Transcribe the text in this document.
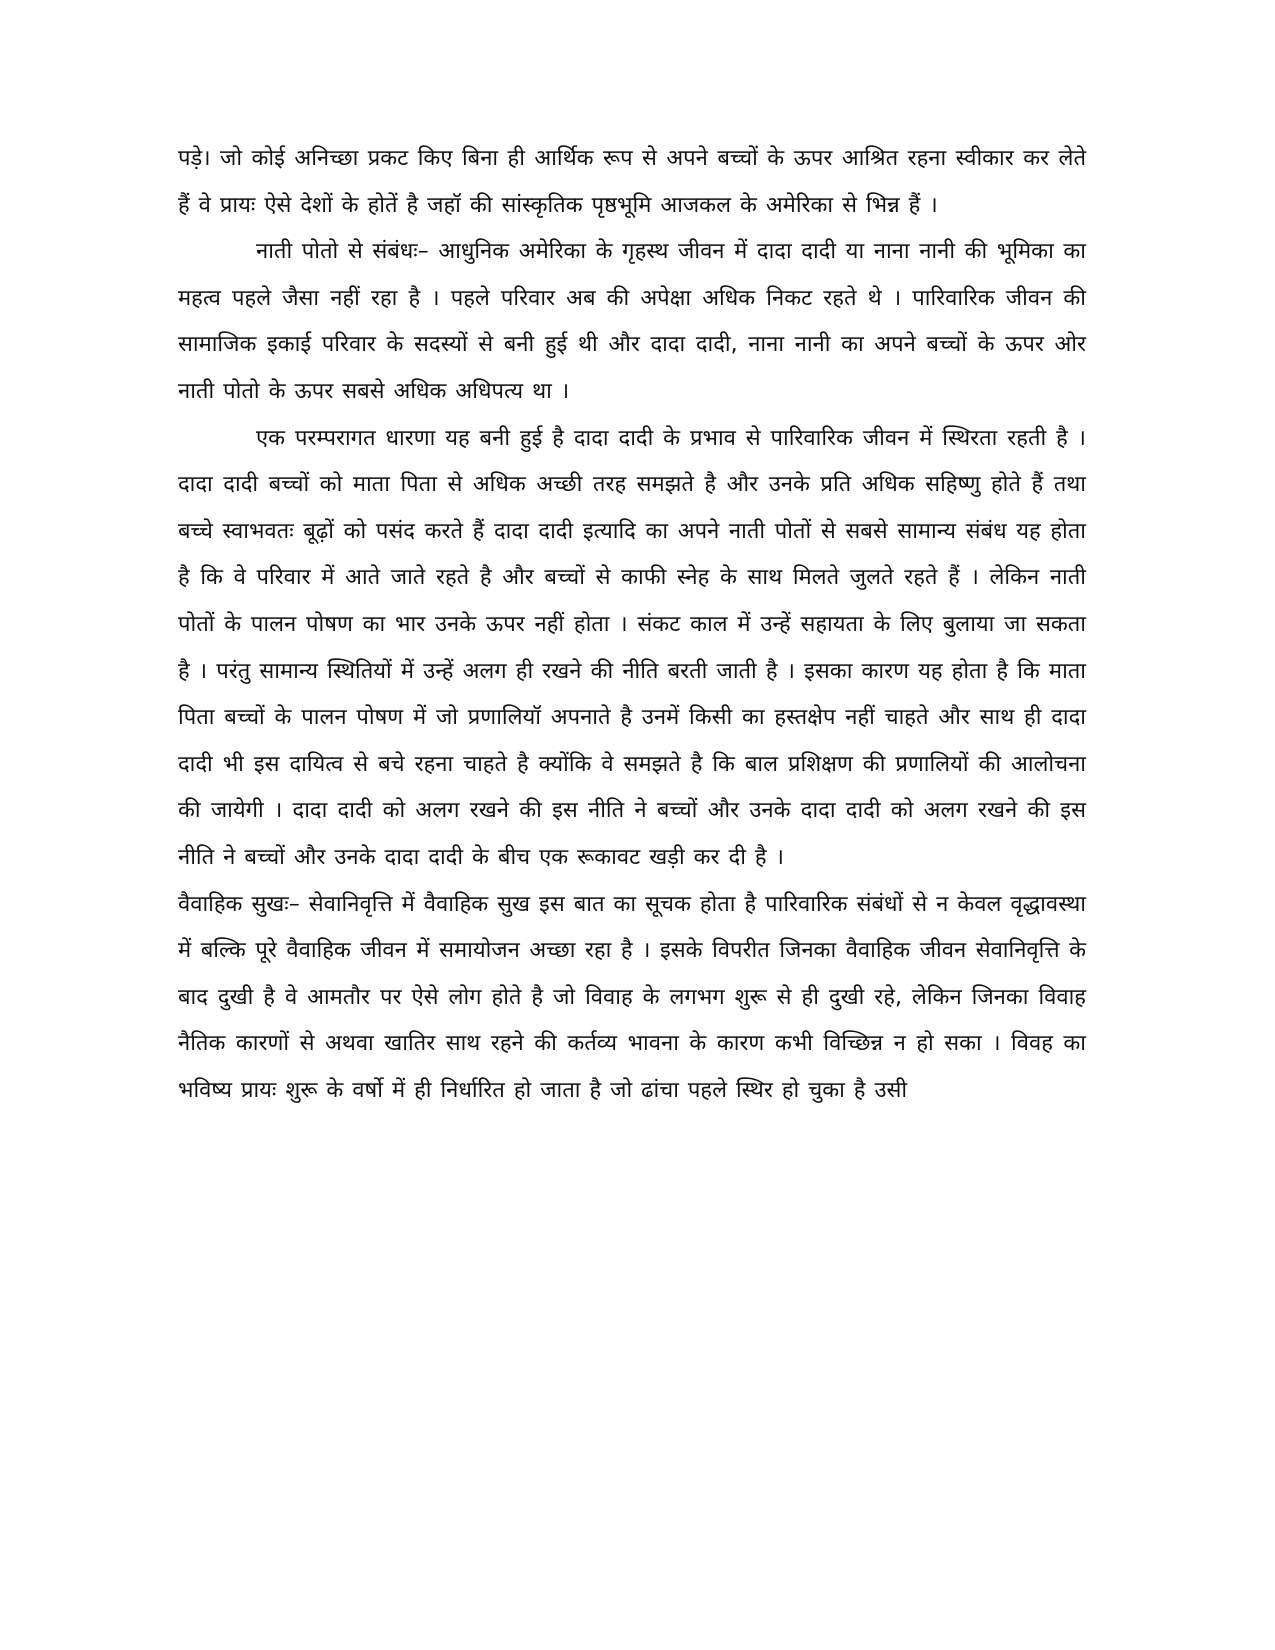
पड़े। जो कोई अनिच्छा प्रकट किए बिना ही आर्थिक रूप से अपने बच्चों के ऊपर आश्रित रहना स्वीकार कर लेते हैं वे प्रायः ऐसे देशों के होतें है जहॉ की सांस्कृतिक पृष्ठभूमि आजकल के अमेरिका से भिन्न हैं ।

नाती पोतो से संबंधः– आधुनिक अमेरिका के गृहस्थ जीवन में दादा दादी या नाना नानी की भूमिका का महत्व पहले जैसा नहीं रहा है । पहले परिवार अब की अपेक्षा अधिक निकट रहते थे । पारिवारिक जीवन की सामाजिक इकाई परिवार के सदस्यों से बनी हुई थी और दादा दादी, नाना नानी का अपने बच्चों के ऊपर ओर नाती पोतो के ऊपर सबसे अधिक अधिपत्य था ।

एक परम्परागत धारणा यह बनी हुई है दादा दादी के प्रभाव से पारिवारिक जीवन में स्थिरता रहती है । दादा दादी बच्चों को माता पिता से अधिक अच्छी तरह समझते है और उनके प्रति अधिक सहिष्णु होते हैं तथा बच्चे स्वाभवतः बूढ़ों को पसंद करते हैं दादा दादी इत्यादि का अपने नाती पोतों से सबसे सामान्य संबंध यह होता है कि वे परिवार में आते जाते रहते है और बच्चों से काफी स्नेह के साथ मिलते जुलते रहते हैं । लेकिन नाती पोतों के पालन पोषण का भार उनके ऊपर नहीं होता । संकट काल में उन्हें सहायता के लिए बुलाया जा सकता है । परंतु सामान्य स्थितियों में उन्हें अलग ही रखने की नीति बरती जाती है । इसका कारण यह होता है कि माता पिता बच्चों के पालन पोषण में जो प्रणालियॉ अपनाते है उनमें किसी का हस्तक्षेप नहीं चाहते और साथ ही दादा दादी भी इस दायित्व से बचे रहना चाहते है क्योंकि वे समझते है कि बाल प्रशिक्षण की प्रणालियों की आलोचना की जायेगी । दादा दादी को अलग रखने की इस नीति ने बच्चों और उनके दादा दादी को अलग रखने की इस नीति ने बच्चों और उनके दादा दादी के बीच एक रूकावट खड़ी कर दी है ।

वैवाहिक सुखः– सेवानिवृत्ति में वैवाहिक सुख इस बात का सूचक होता है पारिवारिक संबंधों से न केवल वृद्धावस्था में बल्कि पूरे वैवाहिक जीवन में समायोजन अच्छा रहा है । इसके विपरीत जिनका वैवाहिक जीवन सेवानिवृत्ति के बाद दुखी है वे आमतौर पर ऐसे लोग होते है जो विवाह के लगभग शुरू से ही दुखी रहे, लेकिन जिनका विवाह नैतिक कारणों से अथवा खातिर साथ रहने की कर्तव्य भावना के कारण कभी विच्छिन्न न हो सका । विवह का भविष्य प्रायः शुरू के वर्षो में ही निर्धारित हो जाता है जो ढांचा पहले स्थिर हो चुका है उसी
